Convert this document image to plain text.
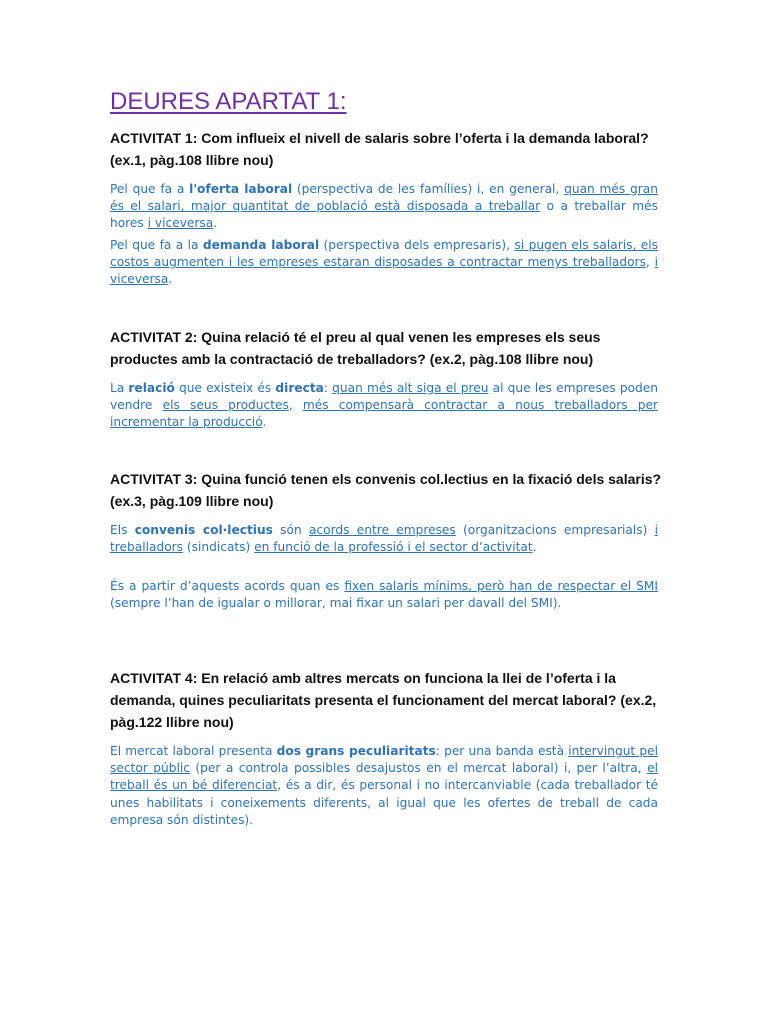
DEURES APARTAT 1:

ACTIVITAT 1: Com influeix el nivell de salaris sobre l’oferta i la demanda laboral? (ex.1, pàg.108 llibre nou)

Pel que fa a l'oferta laboral (perspectiva de les famílies) i, en general, quan més gran és el salari, major quantitat de població està disposada a treballar o a treballar més hores i viceversa.

Pel que fa a la demanda laboral (perspectiva dels empresaris), si pugen els salaris, els costos augmenten i les empreses estaran disposades a contractar menys treballadors, i viceversa.

ACTIVITAT 2: Quina relació té el preu al qual venen les empreses els seus productes amb la contractació de treballadors? (ex.2, pàg.108 llibre nou)

La relació que existeix és directa: quan més alt siga el preu al que les empreses poden vendre els seus productes, més compensarà contractar a nous treballadors per incrementar la producció.

ACTIVITAT 3: Quina funció tenen els convenis col.lectius en la fixació dels salaris? (ex.3, pàg.109 llibre nou)

Els convenis col·lectius són acords entre empreses (organitzacions empresarials) i treballadors (sindicats) en funció de la professió i el sector d’activitat.

És a partir d’aquests acords quan es fixen salaris mínims, però han de respectar el SMI (sempre l’han de igualar o millorar, mai fixar un salari per davall del SMI).

ACTIVITAT 4: En relació amb altres mercats on funciona la llei de l’oferta i la demanda, quines peculiaritats presenta el funcionament del mercat laboral? (ex.2, pàg.122 llibre nou)

El mercat laboral presenta dos grans peculiaritats: per una banda està intervingut pel sector públic (per a controla possibles desajustos en el mercat laboral) i, per l’altra, el treball és un bé diferenciat, és a dir, és personal i no intercanviable (cada treballador té unes habilitats i coneixements diferents, al igual que les ofertes de treball de cada empresa són distintes).
